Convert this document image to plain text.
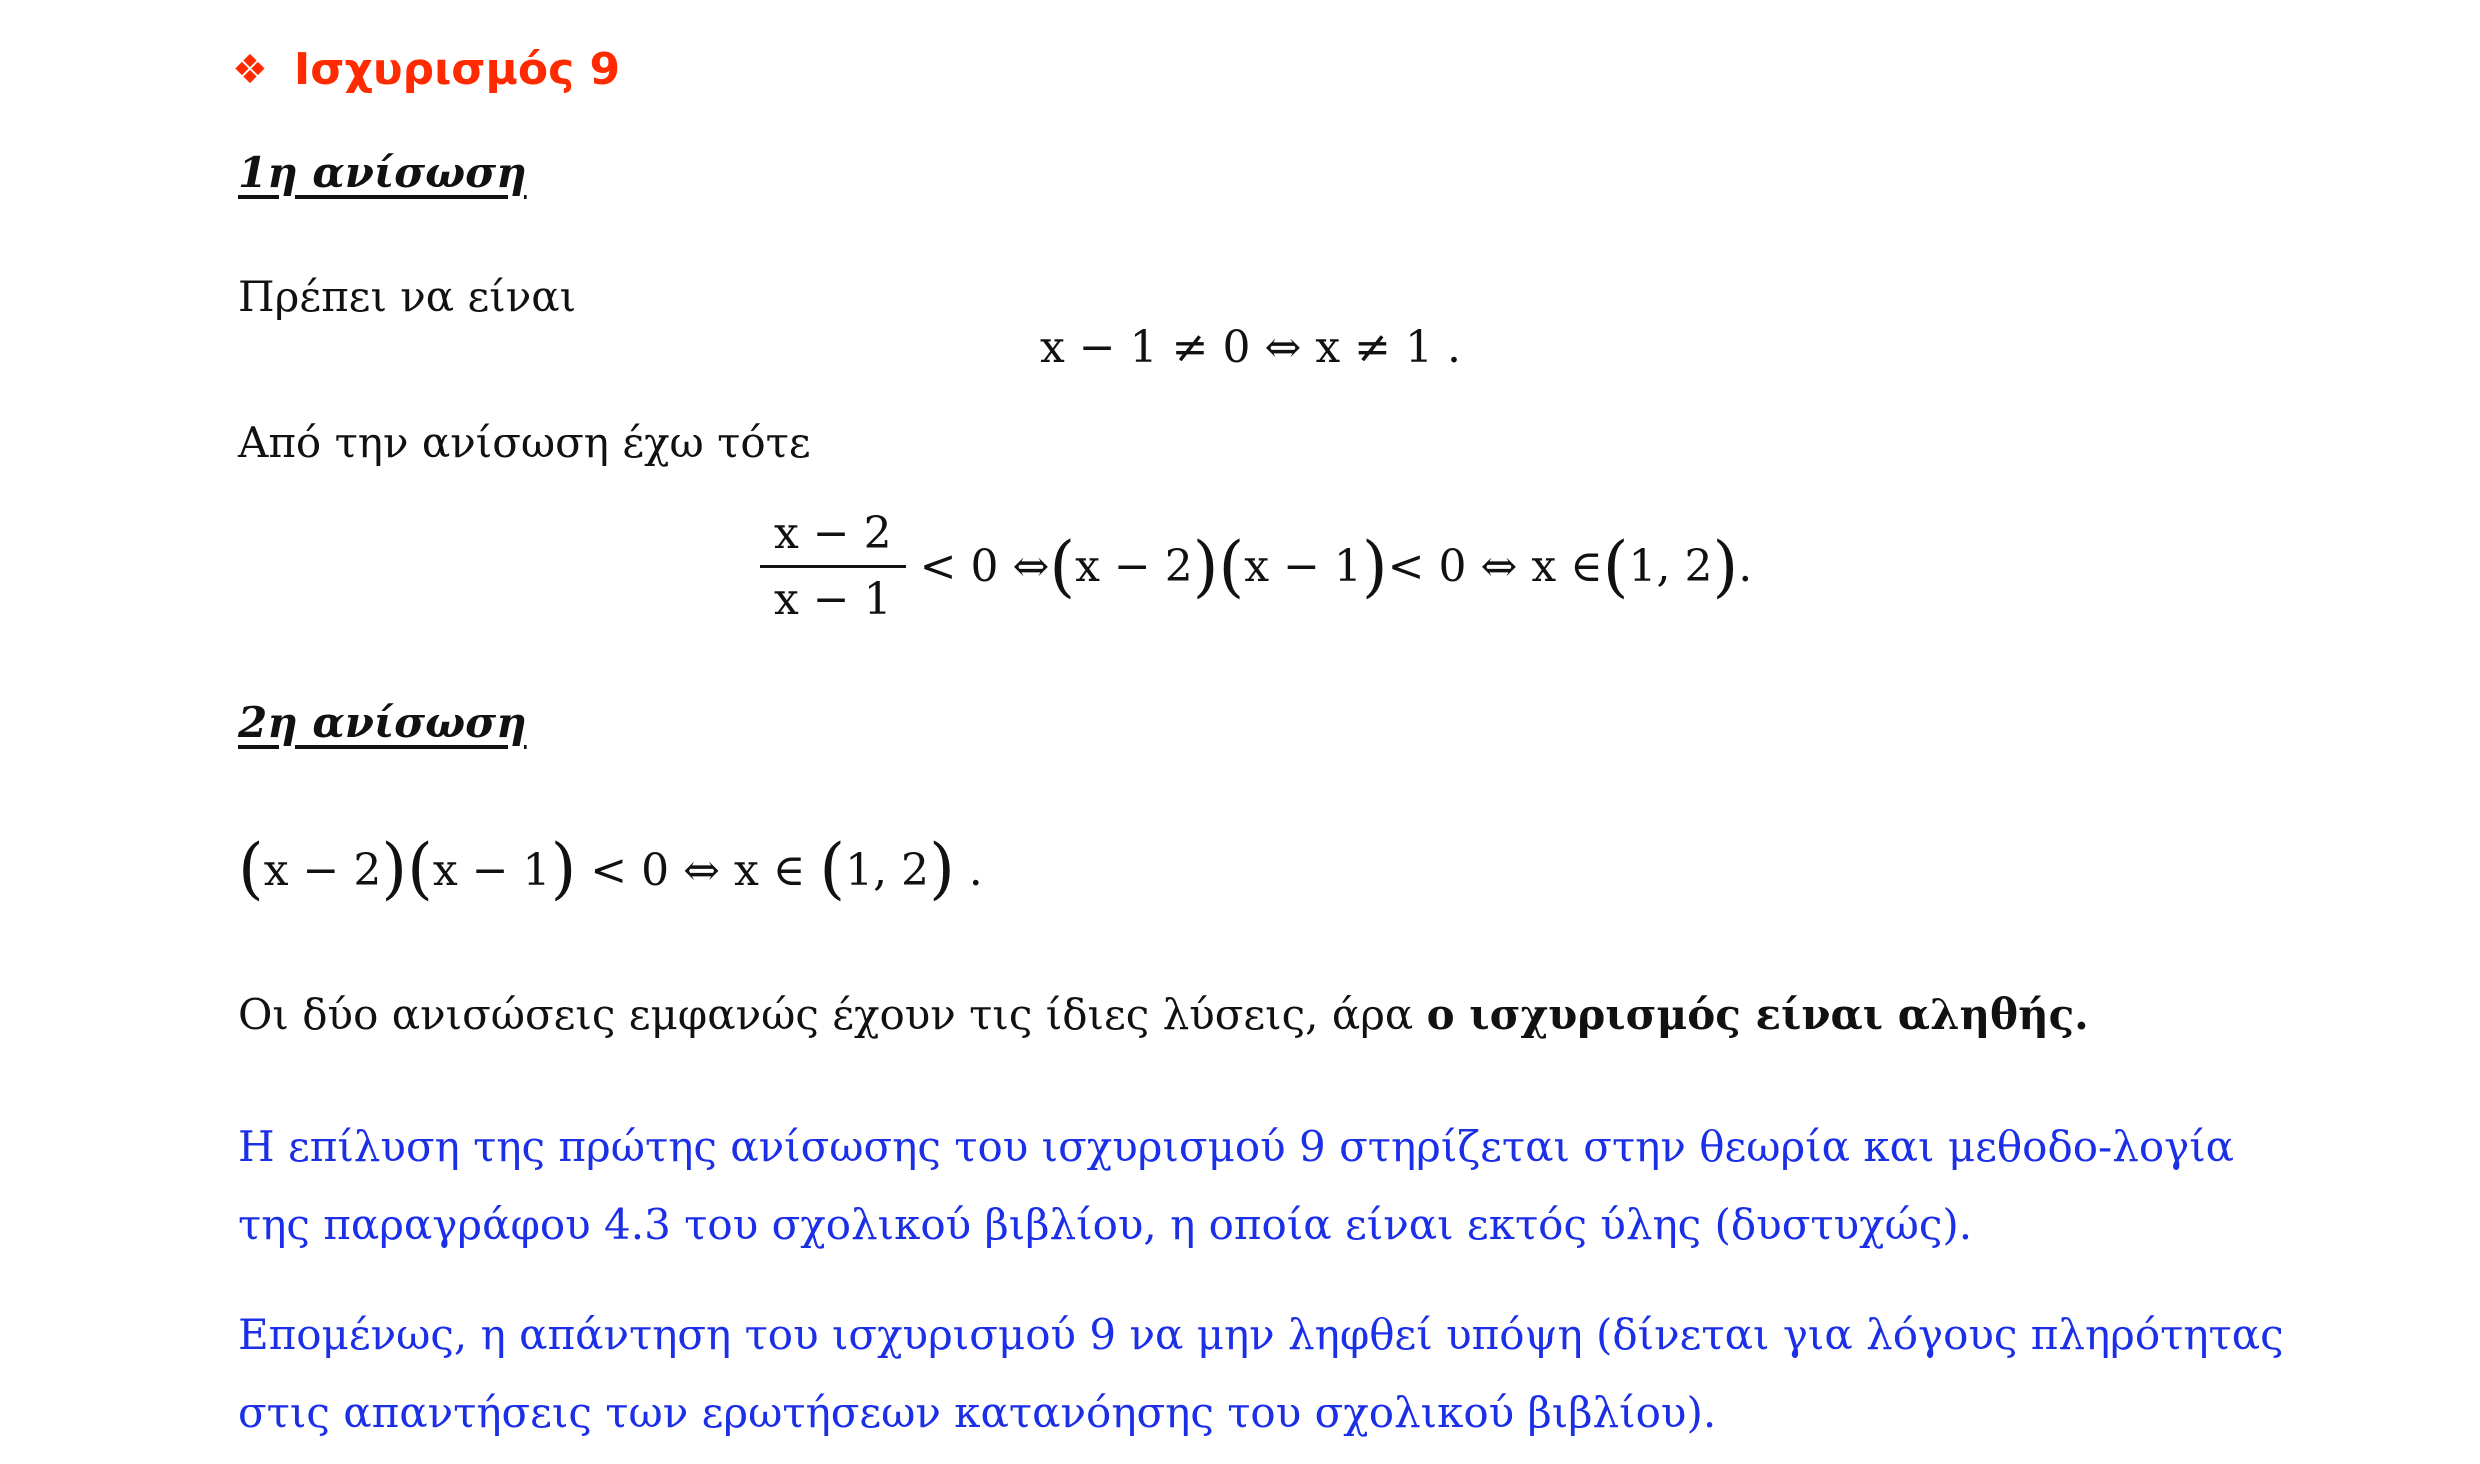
❖ Ισχυρισμός 9
1η ανίσωση
Πρέπει να είναι
x − 1 ≠ 0 ⇔ x ≠ 1 .
Από την ανίσωση έχω τότε
$\frac{x - 2}{x - 1} < 0$ ⇔ ( x − 2 ) ( x − 1 ) < 0 ⇔ x ∈ ( 1, 2 ) .
2η ανίσωση
(x − 2)(x − 1) < 0 ⇔ x ∈ (1, 2) .
Οι δύο ανισώσεις εμφανώς έχουν τις ίδιες λύσεις, άρα ο ισχυρισμός είναι αληθής.
Η επίλυση της πρώτης ανίσωσης του ισχυρισμού 9 στηρίζεται στην θεωρία και μεθοδο-λογία της παραγράφου 4.3 του σχολικού βιβλίου, η οποία είναι εκτός ύλης (δυστυχώς).
Επομένως, η απάντηση του ισχυρισμού 9 να μην ληφθεί υπόψη (δίνεται για λόγους πληρότητας στις απαντήσεις των ερωτήσεων κατανόησης του σχολικού βιβλίου).
